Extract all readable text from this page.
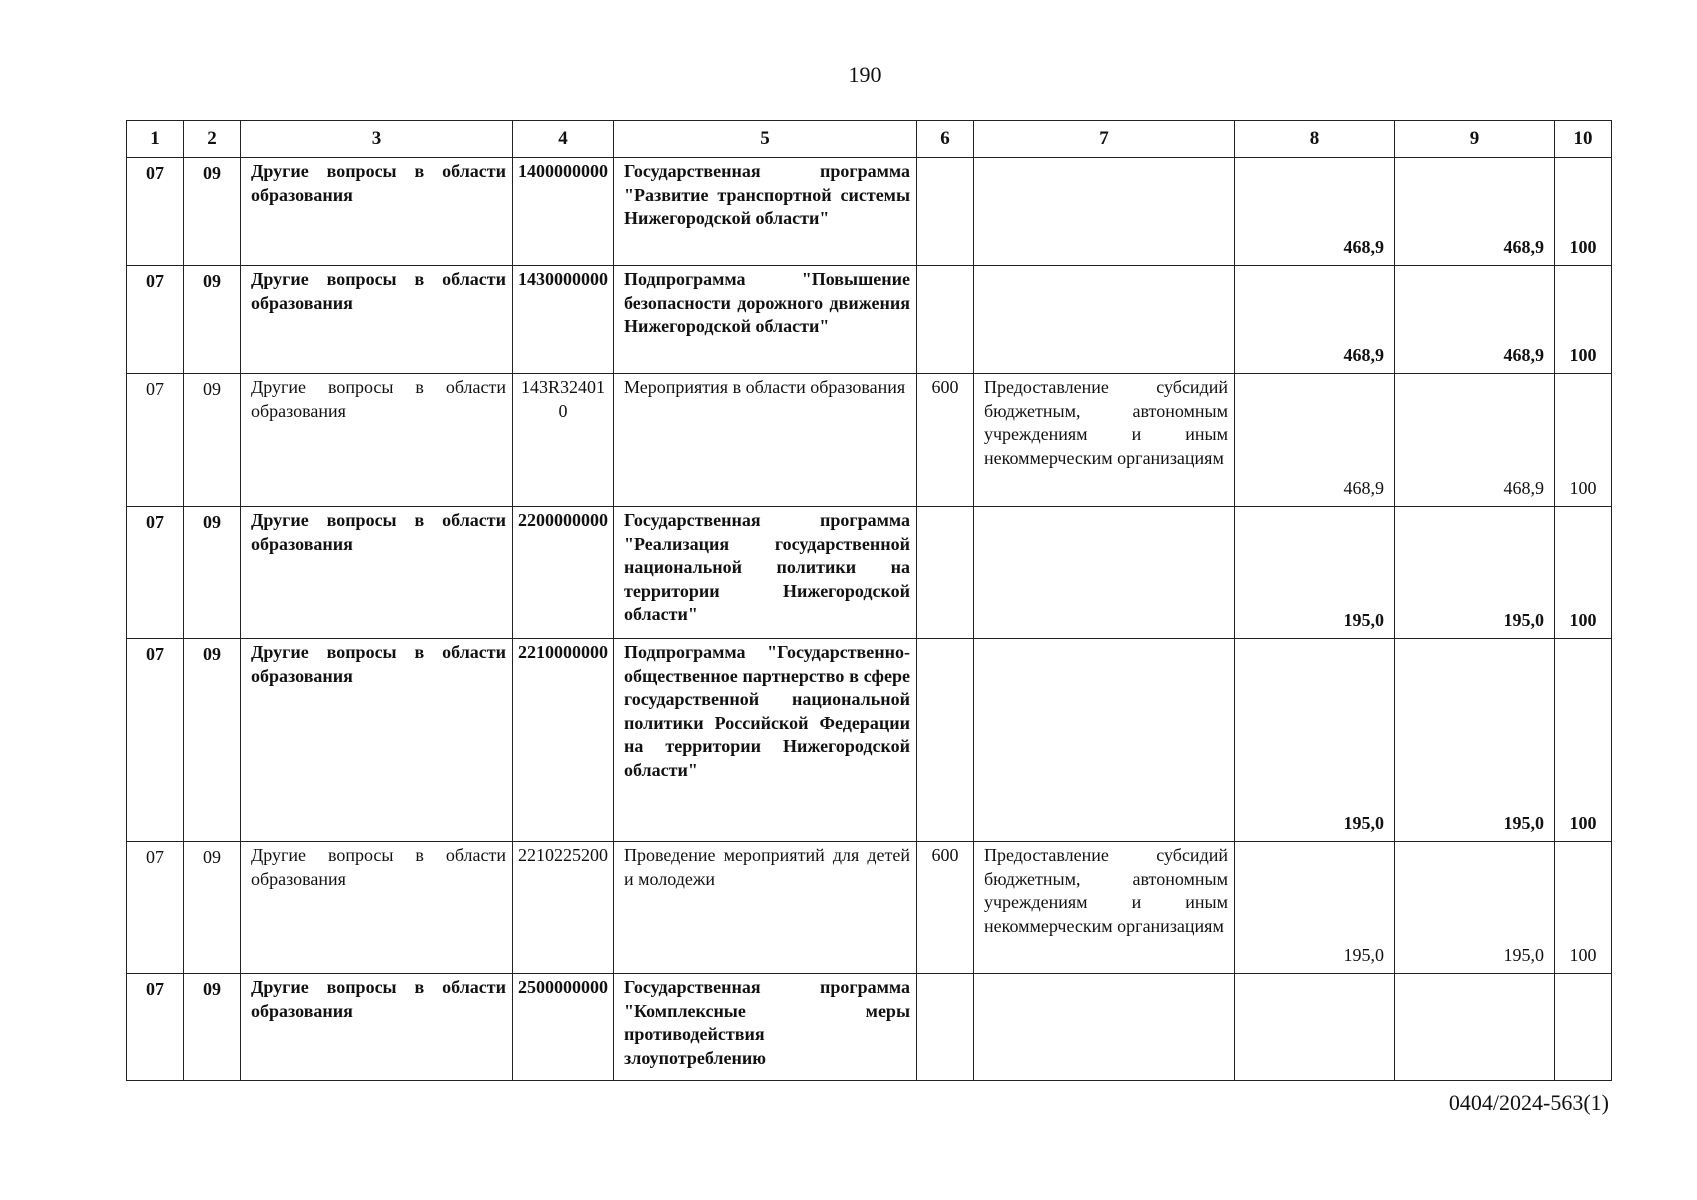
190
1	2	3	4	5	6	7	8	9	10
07	09	Другие вопросы в области образования	1400000000	Государственная программа "Развитие транспортной системы Нижегородской области"			468,9	468,9	100
07	09	Другие вопросы в области образования	1430000000	Подпрограмма "Повышение безопасности дорожного движения Нижегородской области"			468,9	468,9	100
07	09	Другие вопросы в области образования	143R324010	Мероприятия в области образования	600	Предоставление субсидий бюджетным, автономным учреждениям и иным некоммерческим организациям	468,9	468,9	100
07	09	Другие вопросы в области образования	2200000000	Государственная программа "Реализация государственной национальной политики на территории Нижегородской области"			195,0	195,0	100
07	09	Другие вопросы в области образования	2210000000	Подпрограмма "Государственно-общественное партнерство в сфере государственной национальной политики Российской Федерации на территории Нижегородской области"			195,0	195,0	100
07	09	Другие вопросы в области образования	2210225200	Проведение мероприятий для детей и молодежи	600	Предоставление субсидий бюджетным, автономным учреждениям и иным некоммерческим организациям	195,0	195,0	100
07	09	Другие вопросы в области образования	2500000000	Государственная программа "Комплексные меры противодействия злоупотреблению					
0404/2024-563(1)
